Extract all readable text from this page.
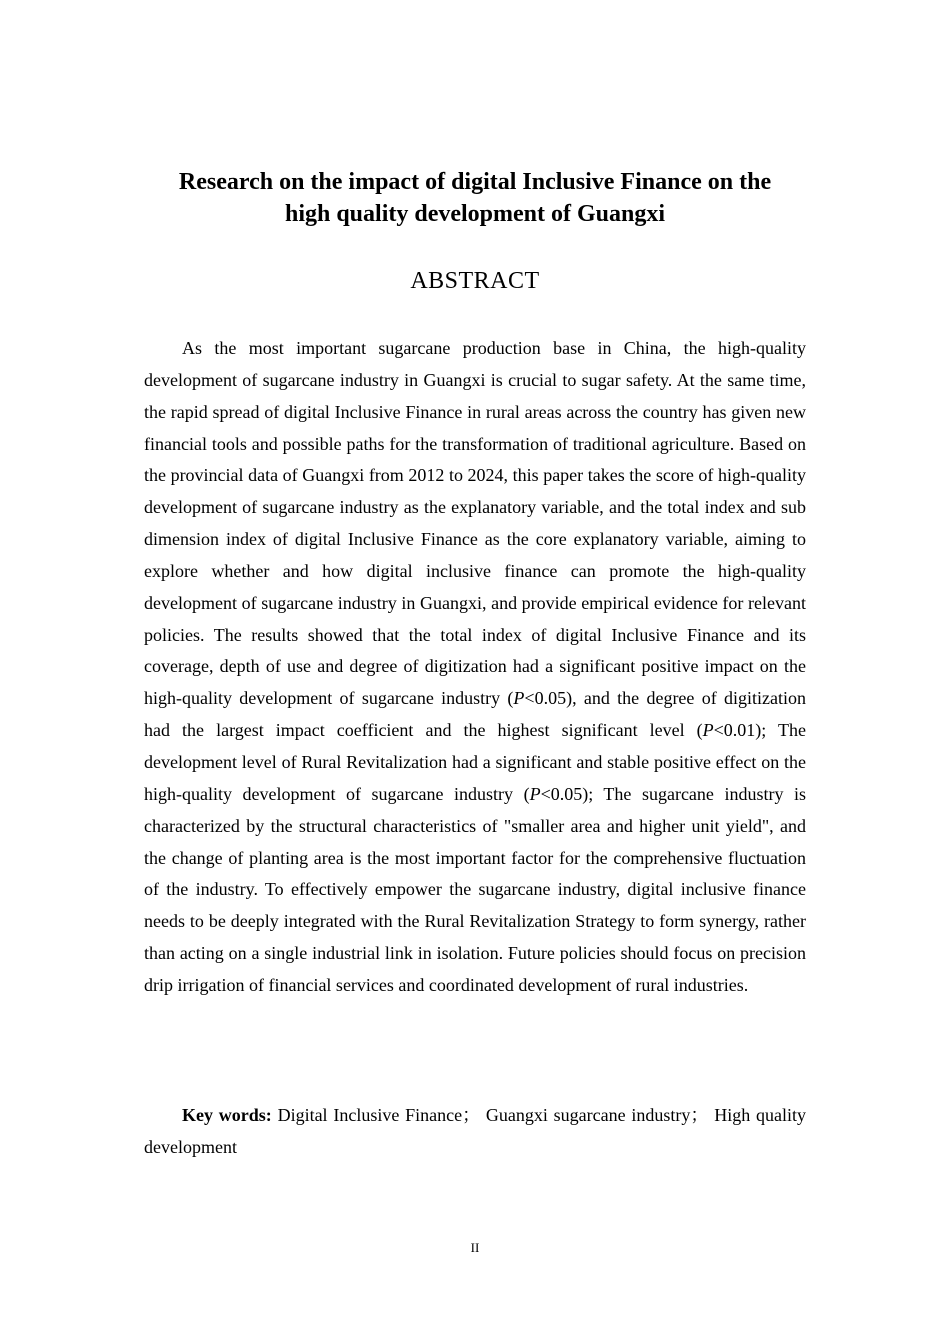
Research on the impact of digital Inclusive Finance on the
high quality development of Guangxi
ABSTRACT

As the most important sugarcane production base in China, the high-quality development of sugarcane industry in Guangxi is crucial to sugar safety. At the same time, the rapid spread of digital Inclusive Finance in rural areas across the country has given new financial tools and possible paths for the transformation of traditional agriculture. Based on the provincial data of Guangxi from 2012 to 2024, this paper takes the score of high-quality development of sugarcane industry as the explanatory variable, and the total index and sub dimension index of digital Inclusive Finance as the core explanatory variable, aiming to explore whether and how digital inclusive finance can promote the high-quality development of sugarcane industry in Guangxi, and provide empirical evidence for relevant policies. The results showed that the total index of digital Inclusive Finance and its coverage, depth of use and degree of digitization had a significant positive impact on the high-quality development of sugarcane industry (P<0.05), and the degree of digitization had the largest impact coefficient and the highest significant level (P<0.01); The development level of Rural Revitalization had a significant and stable positive effect on the high-quality development of sugarcane industry (P<0.05); The sugarcane industry is characterized by the structural characteristics of "smaller area and higher unit yield", and the change of planting area is the most important factor for the comprehensive fluctuation of the industry. To effectively empower the sugarcane industry, digital inclusive finance needs to be deeply integrated with the Rural Revitalization Strategy to form synergy, rather than acting on a single industrial link in isolation. Future policies should focus on precision drip irrigation of financial services and coordinated development of rural industries.

Key words: Digital Inclusive Finance； Guangxi sugarcane industry； High quality development

II
